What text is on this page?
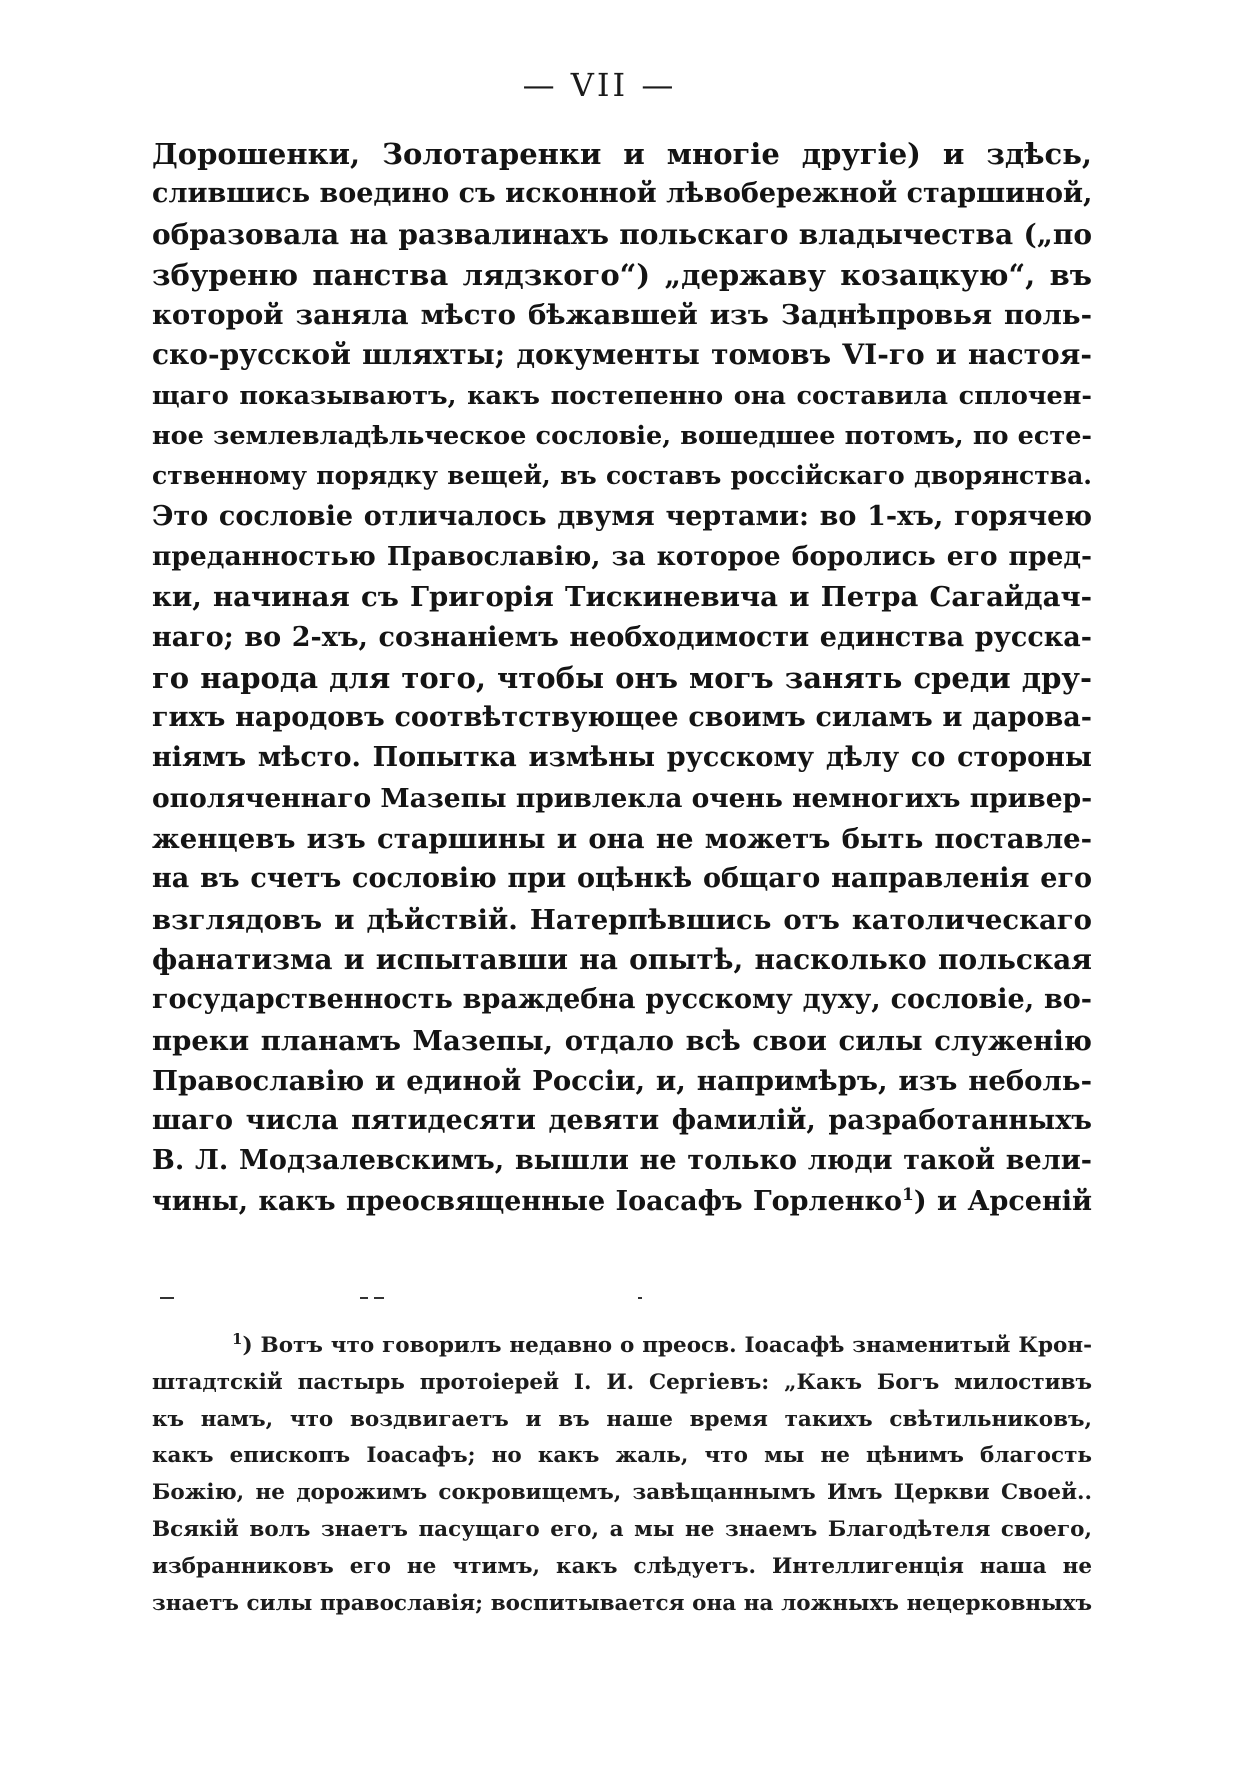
— VII —
Дорошенки, Золотаренки и многіе другіе) и здѣсь,
слившись воедино съ исконной лѣвобережной старшиной,
образовала на развалинахъ польскаго владычества („по
збуреню панства лядзкого“) „державу козацкую“, въ
которой заняла мѣсто бѣжавшей изъ Заднѣпровья поль-
ско-русской шляхты; документы томовъ VI-го и настоя-
щаго показываютъ, какъ постепенно она составила сплочен-
ное землевладѣльческое сословіе, вошедшее потомъ, по есте-
ственному порядку вещей, въ составъ россійскаго дворянства.
Это сословіе отличалось двумя чертами: во 1-хъ, горячею
преданностью Православію, за которое боролись его пред-
ки, начиная съ Григорія Тискиневича и Петра Сагайдач-
наго; во 2-хъ, сознаніемъ необходимости единства русска-
го народа для того, чтобы онъ могъ занять среди дру-
гихъ народовъ соотвѣтствующее своимъ силамъ и дарова-
ніямъ мѣсто. Попытка измѣны русскому дѣлу со стороны
ополяченнаго Мазепы привлекла очень немногихъ привер-
женцевъ изъ старшины и она не можетъ быть поставле-
на въ счетъ сословію при оцѣнкѣ общаго направленія его
взглядовъ и дѣйствій. Натерпѣвшись отъ католическаго
фанатизма и испытавши на опытѣ, насколько польская
государственность враждебна русскому духу, сословіе, во-
преки планамъ Мазепы, отдало всѣ свои силы служенію
Православію и единой Россіи, и, напримѣръ, изъ неболь-
шаго числа пятидесяти девяти фамилій, разработанныхъ
В. Л. Модзалевскимъ, вышли не только люди такой вели-
чины, какъ преосвященные Іоасафъ Горленко$^1$) и Арсеній
$^1$) Вотъ что говорилъ недавно о преосв. Іоасафѣ знаменитый Крон-
штадтскій пастырь протоіерей І. И. Сергіевъ: „Какъ Богъ милостивъ
къ намъ, что воздвигаетъ и въ наше время такихъ свѣтильниковъ,
какъ епископъ Іоасафъ; но какъ жаль, что мы не цѣнимъ благость
Божію, не дорожимъ сокровищемъ, завѣщаннымъ Имъ Церкви Своей..
Всякій волъ знаетъ пасущаго его, а мы не знаемъ Благодѣтеля своего,
избранниковъ его не чтимъ, какъ слѣдуетъ. Интеллигенція наша не
знаетъ силы православія; воспитывается она на ложныхъ нецерковныхъ
